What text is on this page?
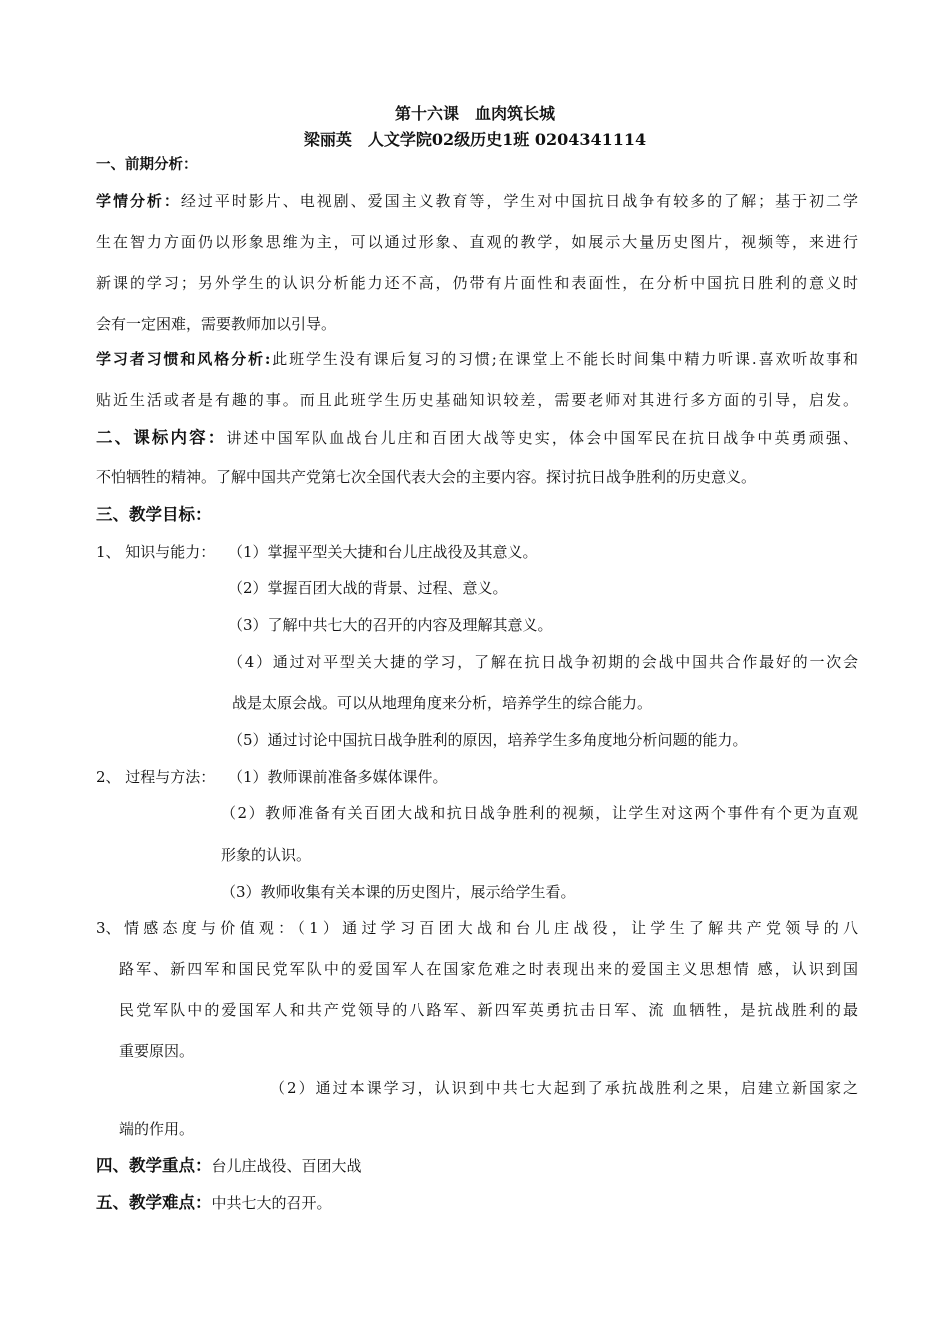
第十六课　血肉筑长城
梁丽英　人文学院02级历史1班 0204341114
一、前期分析：
学情分析：经过平时影片、电视剧、爱国主义教育等，学生对中国抗日战争有较多的了解；基于初二学
生在智力方面仍以形象思维为主，可以通过形象、直观的教学，如展示大量历史图片，视频等，来进行
新课的学习；另外学生的认识分析能力还不高，仍带有片面性和表面性，在分析中国抗日胜利的意义时
会有一定困难，需要教师加以引导。
学习者习惯和风格分析:此班学生没有课后复习的习惯;在课堂上不能长时间集中精力听课.喜欢听故事和
贴近生活或者是有趣的事。而且此班学生历史基础知识较差，需要老师对其进行多方面的引导，启发。
二、课标内容：讲述中国军队血战台儿庄和百团大战等史实，体会中国军民在抗日战争中英勇顽强、
不怕牺牲的精神。了解中国共产党第七次全国代表大会的主要内容。探讨抗日战争胜利的历史意义。
三、教学目标：
1、 知识与能力： （1）掌握平型关大捷和台儿庄战役及其意义。
（2）掌握百团大战的背景、过程、意义。
（3）了解中共七大的召开的内容及理解其意义。
（4）通过对平型关大捷的学习，了解在抗日战争初期的会战中国共合作最好的一次会
战是太原会战。可以从地理角度来分析，培养学生的综合能力。
（5）通过讨论中国抗日战争胜利的原因，培养学生多角度地分析问题的能力。
2、 过程与方法： （1）教师课前准备多媒体课件。
（2）教师准备有关百团大战和抗日战争胜利的视频，让学生对这两个事件有个更为直观
形象的认识。
（3）教师收集有关本课的历史图片，展示给学生看。
3、 情感态度与价值观：（1）通过学习百团大战和台儿庄战役，让学生了解共产党领导的八
路军、新四军和国民党军队中的爱国军人在国家危难之时表现出来的爱国主义思想情 感，认识到国
民党军队中的爱国军人和共产党领导的八路军、新四军英勇抗击日军、流 血牺牲，是抗战胜利的最
重要原因。
（2）通过本课学习，认识到中共七大起到了承抗战胜利之果，启建立新国家之
端的作用。
四、教学重点：台儿庄战役、百团大战
五、教学难点：中共七大的召开。
